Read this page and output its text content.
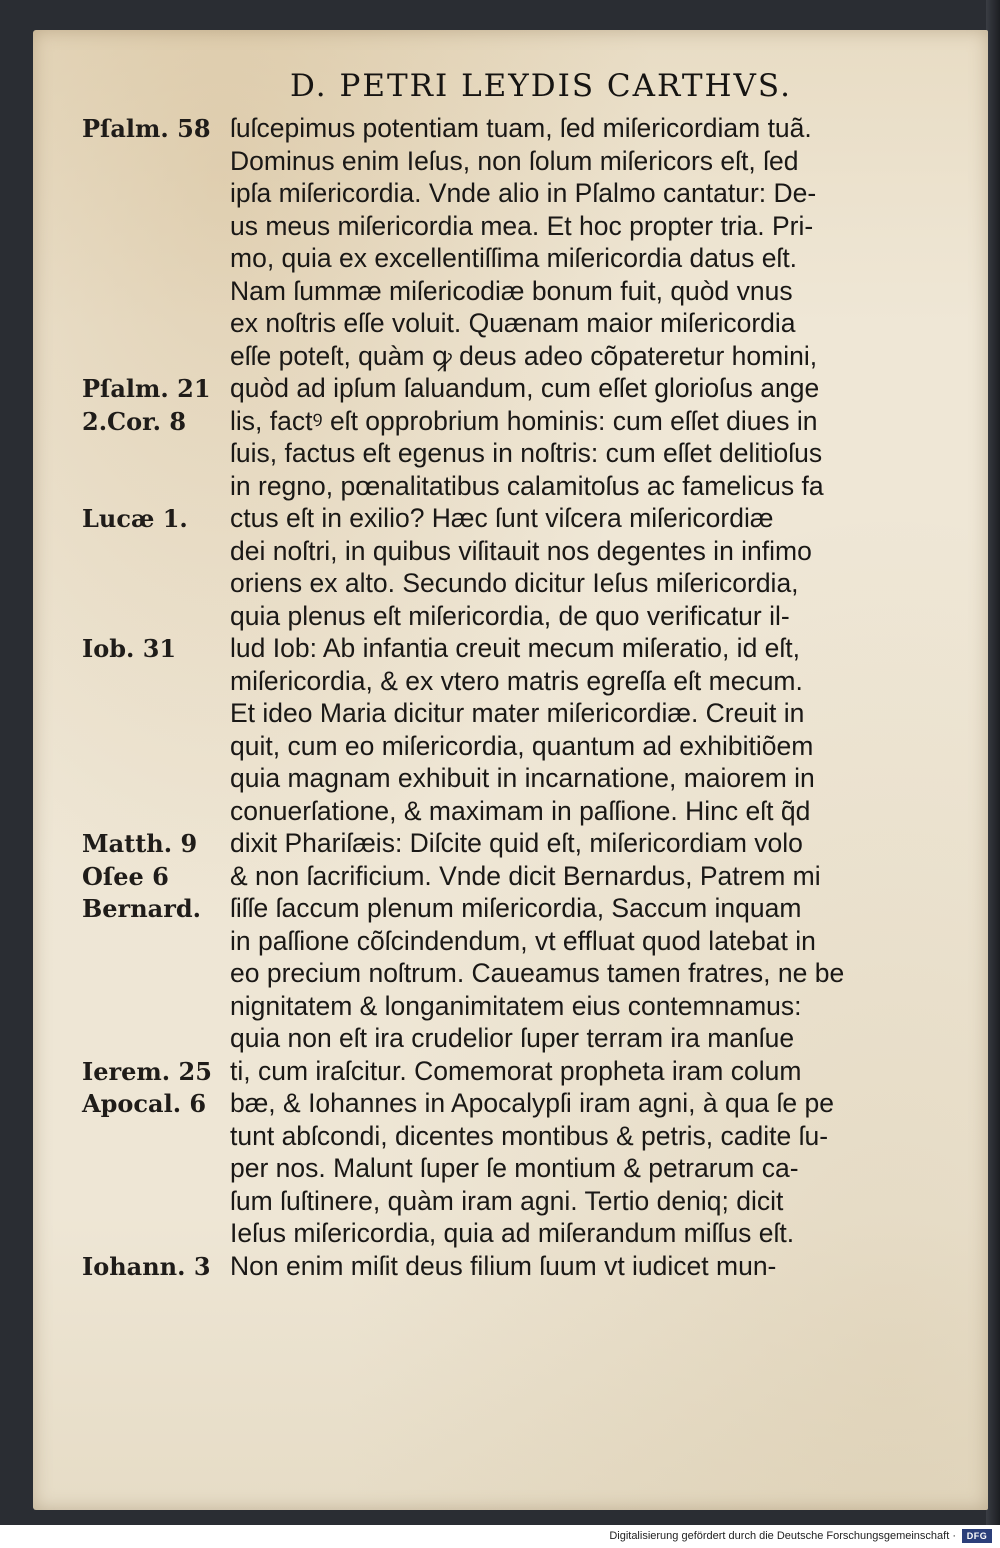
D. PETRI LEYDIS CARTHVS.
ſuſcepimus potentiam tuam, ſed miſericordiam tuã.
Dominus enim Ieſus, non ſolum miſericors eſt, ſed
ipſa miſericordia. Vnde alio in Pſalmo cantatur: De-
us meus miſericordia mea. Et hoc propter tria. Pri-
mo, quia ex excellentiſſima miſericordia datus eſt.
Nam ſummæ miſericodiæ bonum fuit, quòd vnus
ex noſtris eſſe voluit. Quænam maior miſericordia
eſſe poteſt, quàm ꝙ deus adeo cõpateretur homini,
quòd ad ipſum ſaluandum, cum eſſet glorioſus ange
lis, factꝰ eſt opprobrium hominis: cum eſſet diues in
ſuis, factus eſt egenus in noſtris: cum eſſet delitioſus
in regno, pœnalitatibus calamitoſus ac famelicus fa
ctus eſt in exilio? Hæc ſunt viſcera miſericordiæ
dei noſtri, in quibus viſitauit nos degentes in infimo
oriens ex alto. Secundo dicitur Ieſus miſericordia,
quia plenus eſt miſericordia, de quo verificatur il-
lud Iob: Ab infantia creuit mecum miſeratio, id eſt,
miſericordia, & ex vtero matris egreſſa eſt mecum.
Et ideo Maria dicitur mater miſericordiæ. Creuit in
quit, cum eo miſericordia, quantum ad exhibitiõem
quia magnam exhibuit in incarnatione, maiorem in
conuerſatione, & maximam in paſſione. Hinc eſt q̃d
dixit Phariſæis: Diſcite quid eſt, miſericordiam volo
& non ſacrificium. Vnde dicit Bernardus, Patrem mi
ſiſſe ſaccum plenum miſericordia, Saccum inquam
in paſſione cõſcindendum, vt effluat quod latebat in
eo precium noſtrum. Caueamus tamen fratres, ne be
nignitatem & longanimitatem eius contemnamus:
quia non eſt ira crudelior ſuper terram ira manſue
ti, cum iraſcitur. Comemorat propheta iram colum
bæ, & Iohannes in Apocalypſi iram agni, à qua ſe pe
tunt abſcondi, dicentes montibus & petris, cadite ſu-
per nos. Malunt ſuper ſe montium & petrarum ca-
ſum ſuſtinere, quàm iram agni. Tertio deniq; dicit
Ieſus miſericordia, quia ad miſerandum miſſus eſt.
Non enim miſit deus filium ſuum vt iudicet mun-
Pſalm. 58
Pſalm. 21
2.Cor. 8
Lucæ 1.
Iob. 31
Matth. 9
Oſee 6
Bernard.
Ierem. 25
Apocal. 6
Iohann. 3
Digitalisierung gefördert durch die Deutsche Forschungsgemeinschaft ·	DFG
